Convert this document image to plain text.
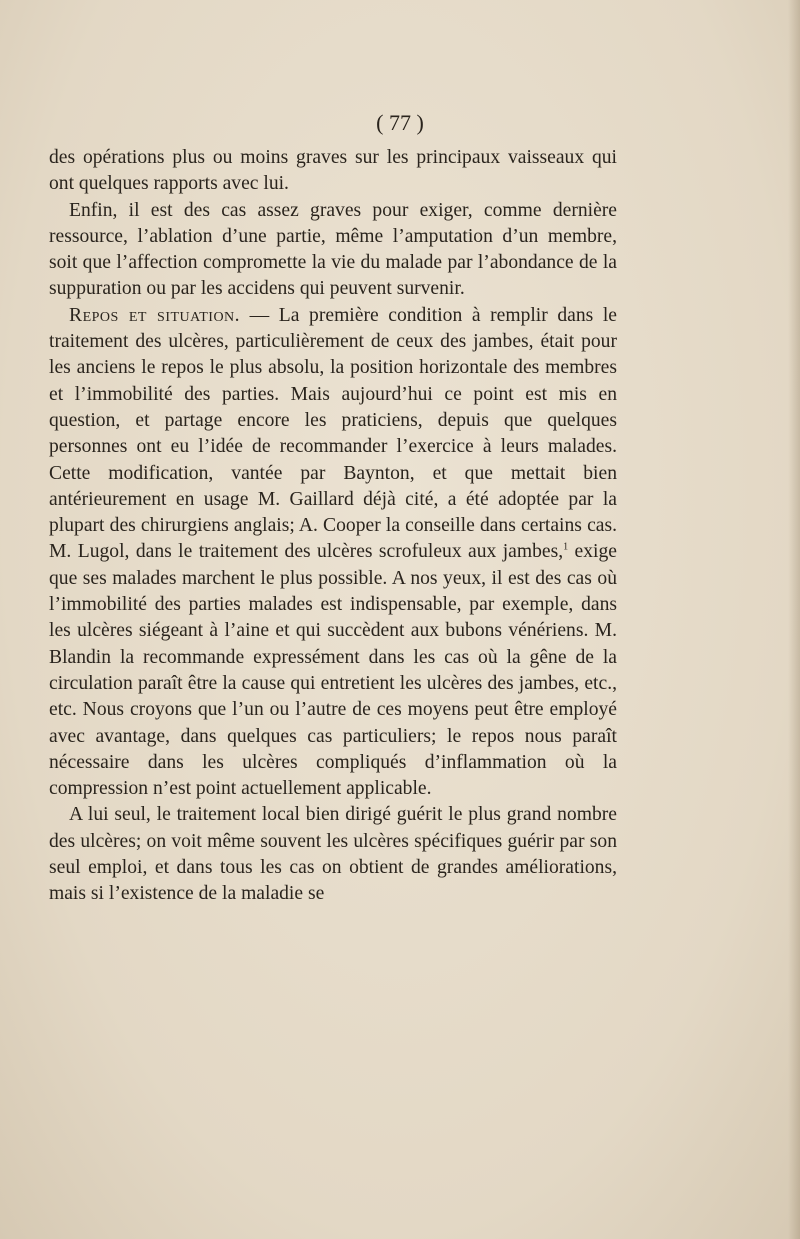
( 77 )

des opérations plus ou moins graves sur les principaux vaisseaux qui ont quelques rapports avec lui.

Enfin, il est des cas assez graves pour exiger, comme dernière ressource, l’ablation d’une partie, même l’amputation d’un membre, soit que l’affection compromette la vie du malade par l’abondance de la suppuration ou par les accidens qui peuvent survenir.

Repos et situation. — La première condition à remplir dans le traitement des ulcères, particulièrement de ceux des jambes, était pour les anciens le repos le plus absolu, la position horizontale des membres et l’immobilité des parties. Mais aujourd’hui ce point est mis en question, et partage encore les praticiens, depuis que quelques personnes ont eu l’idée de recommander l’exercice à leurs malades. Cette modification, vantée par Baynton, et que mettait bien antérieurement en usage M. Gaillard déjà cité, a été adoptée par la plupart des chirurgiens anglais; A. Cooper la conseille dans certains cas. M. Lugol, dans le traitement des ulcères scrofuleux aux jambes,$^1$ exige que ses malades marchent le plus possible. A nos yeux, il est des cas où l’immobilité des parties malades est indispensable, par exemple, dans les ulcères siégeant à l’aine et qui succèdent aux bubons vénériens. M. Blandin la recommande expressément dans les cas où la gêne de la circulation paraît être la cause qui entretient les ulcères des jambes, etc., etc. Nous croyons que l’un ou l’autre de ces moyens peut être employé avec avantage, dans quelques cas particuliers; le repos nous paraît nécessaire dans les ulcères compliqués d’inflammation où la compression n’est point actuellement applicable.

A lui seul, le traitement local bien dirigé guérit le plus grand nombre des ulcères; on voit même souvent les ulcères spécifiques guérir par son seul emploi, et dans tous les cas on obtient de grandes améliorations, mais si l’existence de la maladie se
